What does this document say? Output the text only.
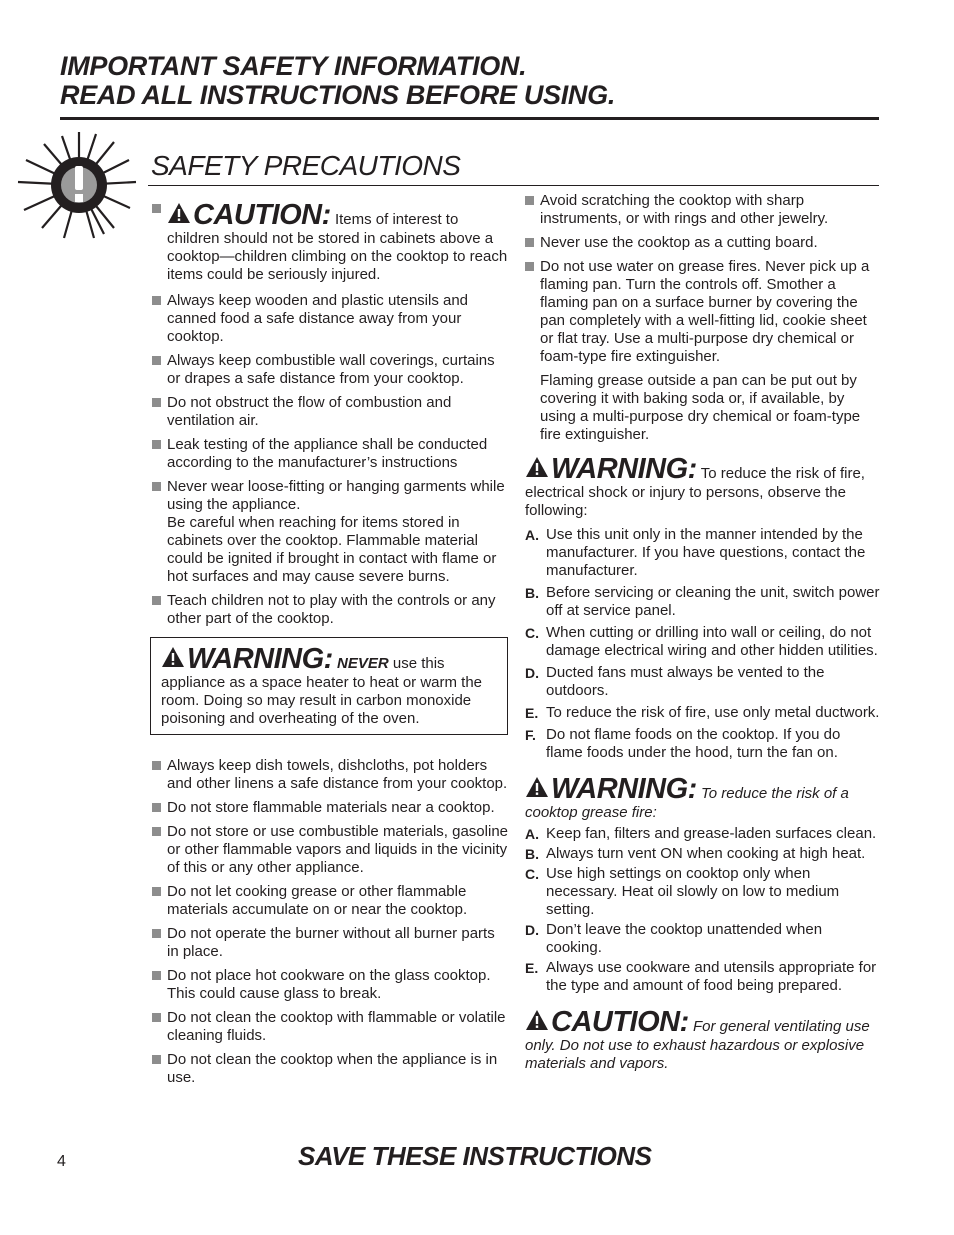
IMPORTANT SAFETY INFORMATION.
READ ALL INSTRUCTIONS BEFORE USING.
SAFETY PRECAUTIONS
CAUTION: Items of interest to children should not be stored in cabinets above a cooktop—children climbing on the cooktop to reach items could be seriously injured.
Always keep wooden and plastic utensils and canned food a safe distance away from your cooktop.
Always keep combustible wall coverings, curtains or drapes a safe distance from your cooktop.
Do not obstruct the flow of combustion and ventilation air.
Leak testing of the appliance shall be conducted according to the manufacturer’s instructions
Never wear loose-fitting or hanging garments while using the appliance.
Be careful when reaching for items stored in cabinets over the cooktop. Flammable material could be ignited if brought in contact with flame or hot surfaces and may cause severe burns.
Teach children not to play with the controls or any other part of the cooktop.
WARNING: NEVER use this appliance as a space heater to heat or warm the room. Doing so may result in carbon monoxide poisoning and overheating of the oven.
Always keep dish towels, dishcloths, pot holders and other linens a safe distance from your cooktop.
Do not store flammable materials near a cooktop.
Do not store or use combustible materials, gasoline or other flammable vapors and liquids in the vicinity of this or any other appliance.
Do not let cooking grease or other flammable materials accumulate on or near the cooktop.
Do not operate the burner without all burner parts in place.
Do not place hot cookware on the glass cooktop. This could cause glass to break.
Do not clean the cooktop with flammable or volatile cleaning fluids.
Do not clean the cooktop when the appliance is in use.
Avoid scratching the cooktop with sharp instruments, or with rings and other jewelry.
Never use the cooktop as a cutting board.
Do not use water on grease fires. Never pick up a flaming pan. Turn the controls off. Smother a flaming pan on a surface burner by covering the pan completely with a well-fitting lid, cookie sheet or flat tray. Use a multi-purpose dry chemical or foam-type fire extinguisher.
Flaming grease outside a pan can be put out by covering it with baking soda or, if available, by using a multi-purpose dry chemical or foam-type fire extinguisher.
WARNING: To reduce the risk of fire, electrical shock or injury to persons, observe the following:
A. Use this unit only in the manner intended by the manufacturer. If you have questions, contact the manufacturer.
B. Before servicing or cleaning the unit, switch power off at service panel.
C. When cutting or drilling into wall or ceiling, do not damage electrical wiring and other hidden utilities.
D. Ducted fans must always be vented to the outdoors.
E. To reduce the risk of fire, use only metal ductwork.
F. Do not flame foods on the cooktop. If you do flame foods under the hood, turn the fan on.
WARNING: To reduce the risk of a cooktop grease fire:
A. Keep fan, filters and grease-laden surfaces clean.
B. Always turn vent ON when cooking at high heat.
C. Use high settings on cooktop only when necessary. Heat oil slowly on low to medium setting.
D. Don’t leave the cooktop unattended when cooking.
E. Always use cookware and utensils appropriate for the type and amount of food being prepared.
CAUTION: For general ventilating use only. Do not use to exhaust hazardous or explosive materials and vapors.
4	SAVE THESE INSTRUCTIONS
